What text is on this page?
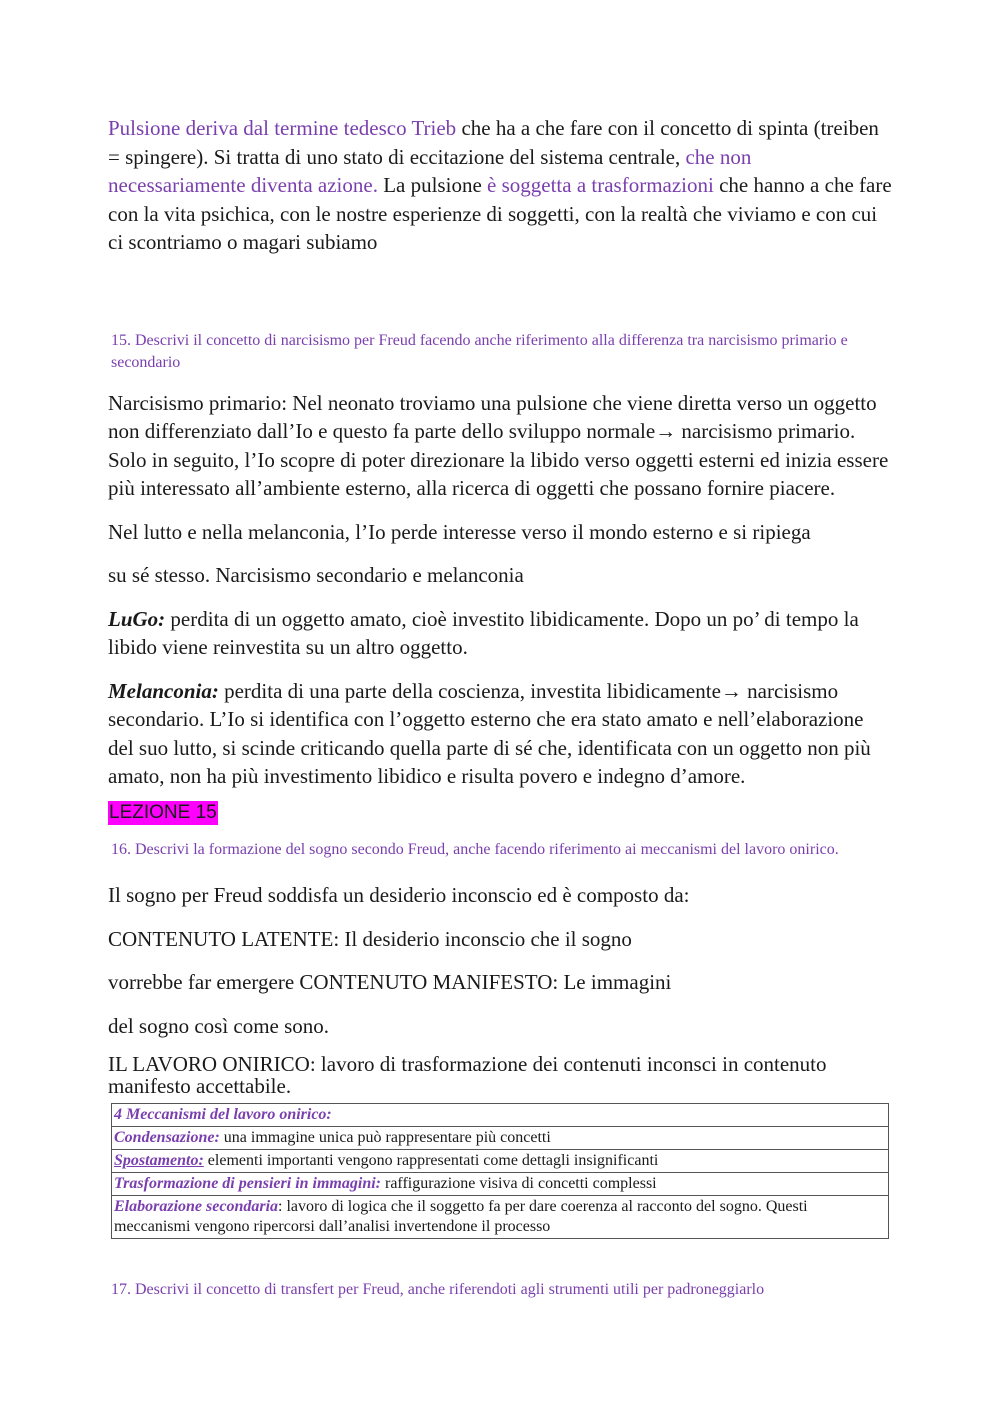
Pulsione deriva dal termine tedesco Trieb che ha a che fare con il concetto di spinta (treiben = spingere). Si tratta di uno stato di eccitazione del sistema centrale, che non necessariamente diventa azione. La pulsione è soggetta a trasformazioni che hanno a che fare con la vita psichica, con le nostre esperienze di soggetti, con la realtà che viviamo e con cui ci scontriamo o magari subiamo

15. Descrivi il concetto di narcisismo per Freud facendo anche riferimento alla differenza tra narcisismo primario e secondario

Narcisismo primario: Nel neonato troviamo una pulsione che viene diretta verso un oggetto non differenziato dall’Io e questo fa parte dello sviluppo normale→ narcisismo primario. Solo in seguito, l’Io scopre di poter direzionare la libido verso oggetti esterni ed inizia essere più interessato all’ambiente esterno, alla ricerca di oggetti che possano fornire piacere.

Nel lutto e nella melanconia, l’Io perde interesse verso il mondo esterno e si ripiega

su sé stesso. Narcisismo secondario e melanconia

LuGo: perdita di un oggetto amato, cioè investito libidicamente. Dopo un po’ di tempo la libido viene reinvestita su un altro oggetto.

Melanconia: perdita di una parte della coscienza, investita libidicamente→ narcisismo secondario. L’Io si identifica con l’oggetto esterno che era stato amato e nell’elaborazione del suo lutto, si scinde criticando quella parte di sé che, identificata con un oggetto non più amato, non ha più investimento libidico e risulta povero e indegno d’amore.

LEZIONE 15

16. Descrivi la formazione del sogno secondo Freud, anche facendo riferimento ai meccanismi del lavoro onirico.

Il sogno per Freud soddisfa un desiderio inconscio ed è composto da:

CONTENUTO LATENTE: Il desiderio inconscio che il sogno

vorrebbe far emergere CONTENUTO MANIFESTO: Le immagini

del sogno così come sono.

IL LAVORO ONIRICO: lavoro di trasformazione dei contenuti inconsci in contenuto manifesto accettabile.

4 Meccanismi del lavoro onirico:
Condensazione: una immagine unica può rappresentare più concetti
Spostamento: elementi importanti vengono rappresentati come dettagli insignificanti
Trasformazione di pensieri in immagini: raffigurazione visiva di concetti complessi
Elaborazione secondaria: lavoro di logica che il soggetto fa per dare coerenza al racconto del sogno. Questi meccanismi vengono ripercorsi dall’analisi invertendone il processo

17. Descrivi il concetto di transfert per Freud, anche riferendoti agli strumenti utili per padroneggiarlo
